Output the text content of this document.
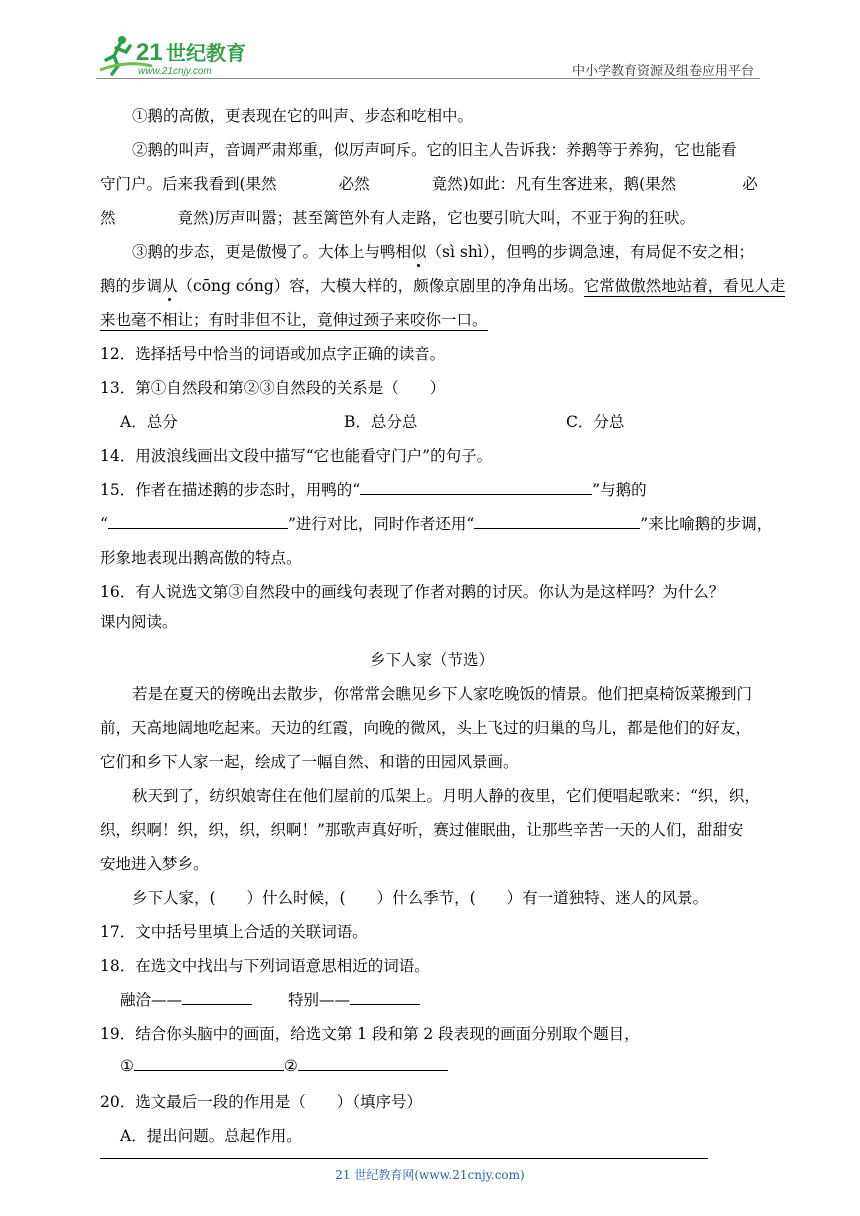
21 世纪教育
www.21cnjy.com	中小学教育资源及组卷应用平台
①鹅的高傲，更表现在它的叫声、步态和吃相中。
②鹅的叫声，音调严肃郑重，似厉声呵斥。它的旧主人告诉我：养鹅等于养狗，它也能看
守门户。后来我看到(果然	必然	竟然)如此：凡有生客进来，鹅(果然	必
然	竟然)厉声叫嚣；甚至篱笆外有人走路，它也要引吭大叫，不亚于狗的狂吠。
③鹅的步态，更是傲慢了。大体上与鸭相似（sì shì），但鸭的步调急速，有局促不安之相；
鹅的步调从（cōng cóng）容，大模大样的，颇像京剧里的净角出场。它常做傲然地站着，看见人走
来也毫不相让；有时非但不让，竟伸过颈子来咬你一口。
12．选择括号中恰当的词语或加点字正确的读音。
13．第①自然段和第②③自然段的关系是（　　）
A．总分	B．总分总	C．分总
14．用波浪线画出文段中描写“它也能看守门户”的句子。
15．作者在描述鹅的步态时，用鸭的“	”与鹅的
“	”进行对比，同时作者还用“	”来比喻鹅的步调，
形象地表现出鹅高傲的特点。
16．有人说选文第③自然段中的画线句表现了作者对鹅的讨厌。你认为是这样吗？为什么？
课内阅读。
乡下人家（节选）
若是在夏天的傍晚出去散步，你常常会瞧见乡下人家吃晚饭的情景。他们把桌椅饭菜搬到门
前，天高地阔地吃起来。天边的红霞，向晚的微风，头上飞过的归巢的鸟儿，都是他们的好友，
它们和乡下人家一起，绘成了一幅自然、和谐的田园风景画。
秋天到了，纺织娘寄住在他们屋前的瓜架上。月明人静的夜里，它们便唱起歌来：“织，织，
织，织啊！织，织，织，织啊！”那歌声真好听，赛过催眠曲，让那些辛苦一天的人们，甜甜安
安地进入梦乡。
乡下人家，(　　）什么时候，(　　）什么季节，(　　）有一道独特、迷人的风景。
17．文中括号里填上合适的关联词语。
18．在选文中找出与下列词语意思相近的词语。
融洽——	特别——
19．结合你头脑中的画面，给选文第 1 段和第 2 段表现的画面分别取个题目，
①	②
20．选文最后一段的作用是（　　）（填序号）
A．提出问题。总起作用。
21 世纪教育网(www.21cnjy.com)
